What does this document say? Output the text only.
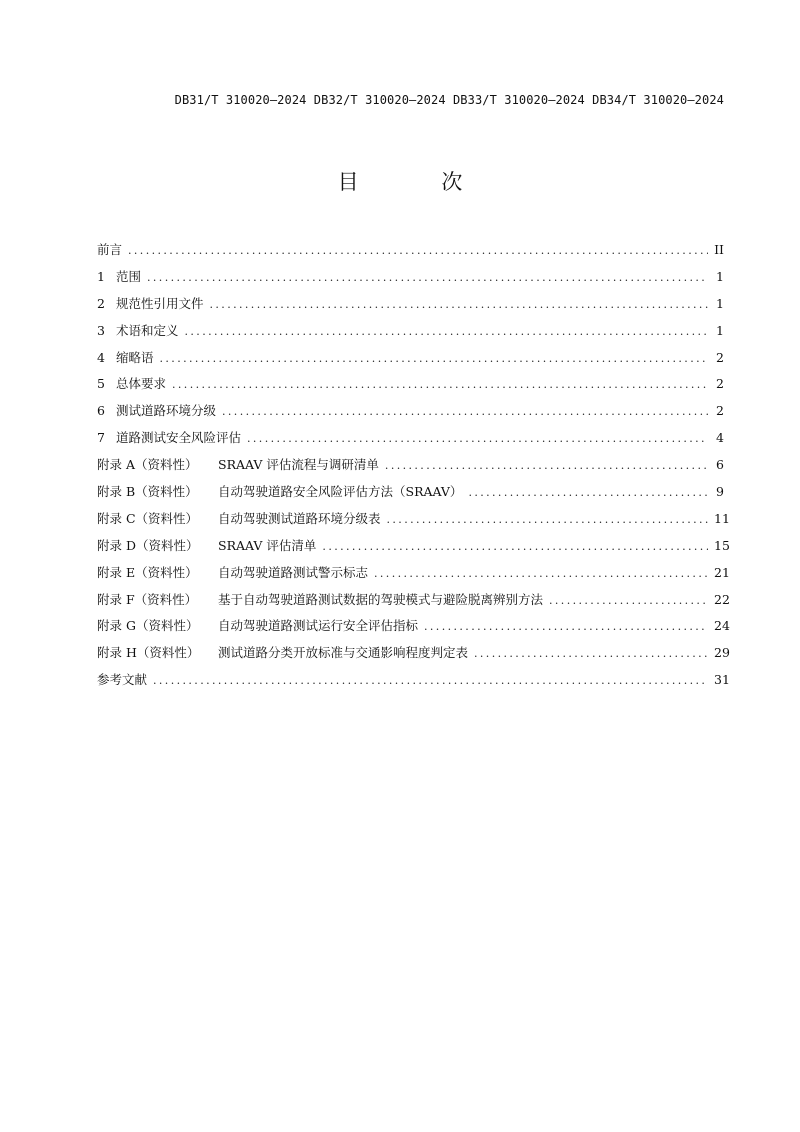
DB31/T 310020—2024 DB32/T 310020—2024 DB33/T 310020—2024 DB34/T 310020—2024
目 次
前言 .....	II
1 范围 .....	1
2 规范性引用文件 .....	1
3 术语和定义 .....	1
4 缩略语 .....	2
5 总体要求 .....	2
6 测试道路环境分级 .....	2
7 道路测试安全风险评估 .....	4
附录 A（资料性）	SRAAV 评估流程与调研清单 .....	6
附录 B（资料性）	自动驾驶道路安全风险评估方法（SRAAV） .....	9
附录 C（资料性）	自动驾驶测试道路环境分级表 .....	11
附录 D（资料性）	SRAAV 评估清单 .....	15
附录 E（资料性）	自动驾驶道路测试警示标志 .....	21
附录 F（资料性）	基于自动驾驶道路测试数据的驾驶模式与避险脱离辨别方法 .....	22
附录 G（资料性）	自动驾驶道路测试运行安全评估指标 .....	24
附录 H（资料性）	测试道路分类开放标准与交通影响程度判定表 .....	29
参考文献 .....	31
